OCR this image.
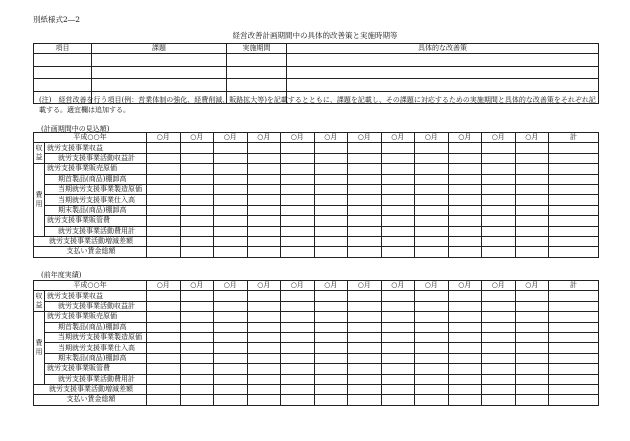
別紙様式2―2
経営改善計画期間中の具体的改善策と実施時期等
項目	課題	実施期間	具体的な改善策

(注)　経営改善を行う項目(例：営業体制の強化、経費削減、販路拡大等)を記載するとともに、課題を記載し、その課題に対応するための実施期間と具体的な改善策をそれぞれ記載する。適宜欄は追加する。
(計画期間中の見込額)
平成○○年		○月	○月	○月	○月	○月	○月	○月	○月	○月	○月	○月	○月	計
収益	就労支援事業収益													
	就労支援事業活動収益計													
費用	就労支援事業販売原価													
	期首製品(商品)棚卸高													
	当期就労支援事業製造原価													
	当期就労支援事業仕入高													
	期末製品(商品)棚卸高													
	就労支援事業販管費													
	就労支援事業活動費用計													
就労支援事業活動増減差額														
支払い賃金総額														
(前年度実績)
平成○○年		○月	○月	○月	○月	○月	○月	○月	○月	○月	○月	○月	○月	計
収益	就労支援事業収益													
	就労支援事業活動収益計													
費用	就労支援事業販売原価													
	期首製品(商品)棚卸高													
	当期就労支援事業製造原価													
	当期就労支援事業仕入高													
	期末製品(商品)棚卸高													
	就労支援事業販管費													
	就労支援事業活動費用計													
就労支援事業活動増減差額														
支払い賃金総額														
